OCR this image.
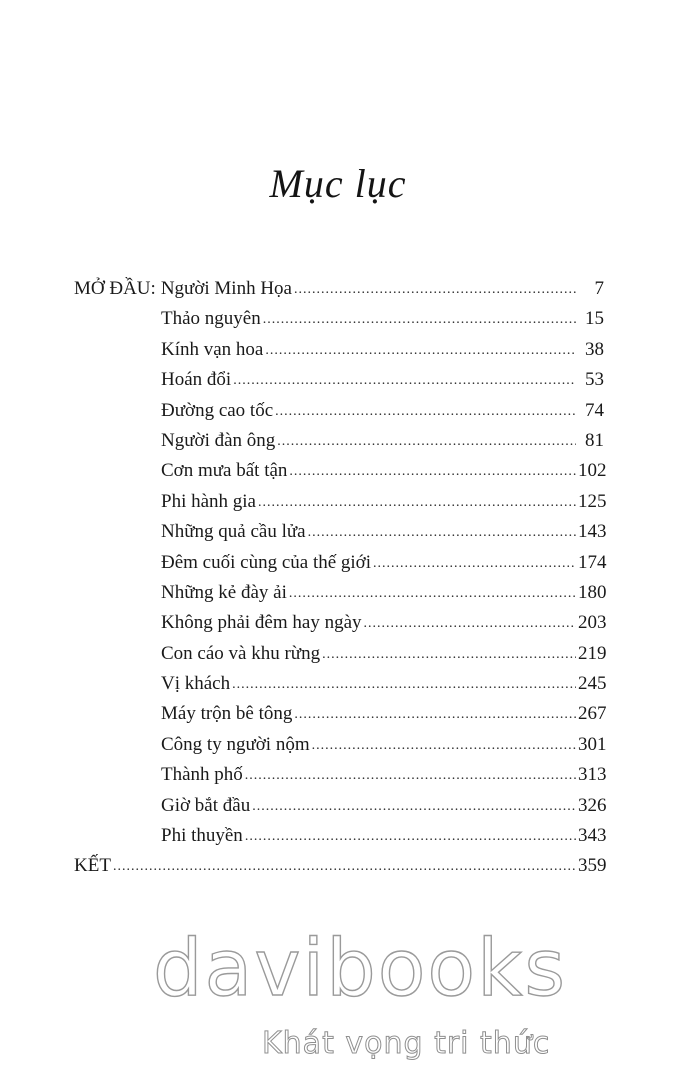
Mục lục
MỞ ĐẦU: Người Minh Họa .....	7
Thảo nguyên .....	15
Kính vạn hoa .....	38
Hoán đổi .....	53
Đường cao tốc .....	74
Người đàn ông .....	81
Cơn mưa bất tận .....	102
Phi hành gia .....	125
Những quả cầu lửa .....	143
Đêm cuối cùng của thế giới .....	174
Những kẻ đày ải .....	180
Không phải đêm hay ngày .....	203
Con cáo và khu rừng .....	219
Vị khách .....	245
Máy trộn bê tông .....	267
Công ty người nộm .....	301
Thành phố .....	313
Giờ bắt đầu .....	326
Phi thuyền .....	343
KẾT .....	359
davibooks
Khát vọng tri thức
